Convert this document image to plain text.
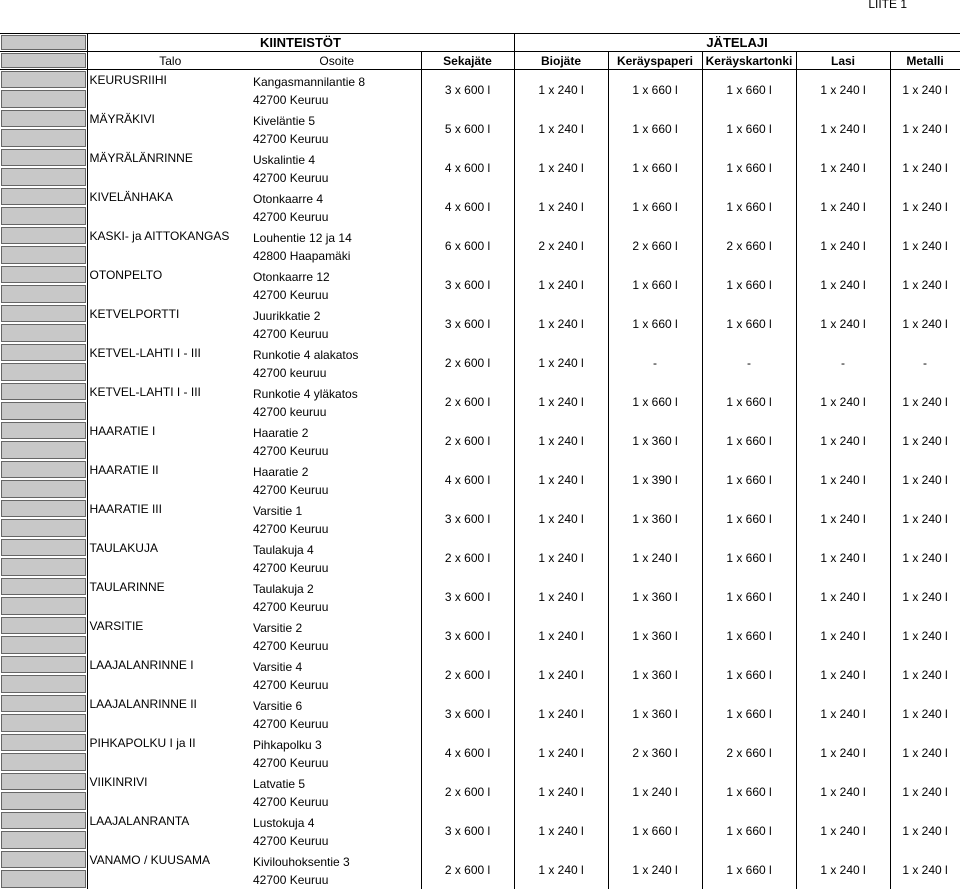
LIITE 1
	KIINTEISTÖT			JÄTELAJI				

	Talo	Osoite	Sekajäte	Biojäte	Keräyspaperi	Keräyskartonki	Lasi	Metalli

	KEURUSRIIHI	Kangasmannilantie 8
42700 Keuruu	3 x 600 l	1 x 240 l	1 x 660 l	1 x 660 l	1 x 240 l	1 x 240 l

	MÄYRÄKIVI	Kiveläntie 5
42700 Keuruu	5 x 600 l	1 x 240 l	1 x 660 l	1 x 660 l	1 x 240 l	1 x 240 l

	MÄYRÄLÄNRINNE	Uskalintie 4
42700 Keuruu	4 x 600 l	1 x 240 l	1 x 660 l	1 x 660 l	1 x 240 l	1 x 240 l

	KIVELÄNHAKA	Otonkaarre 4
42700 Keuruu	4 x 600 l	1 x 240 l	1 x 660 l	1 x 660 l	1 x 240 l	1 x 240 l

	KASKI- ja AITTOKANGAS	Louhentie 12 ja 14
42800 Haapamäki	6 x 600 l	2 x 240 l	2 x 660 l	2 x 660 l	1 x 240 l	1 x 240 l

	OTONPELTO	Otonkaarre 12
42700 Keuruu	3 x 600 l	1 x 240 l	1 x 660 l	1 x 660 l	1 x 240 l	1 x 240 l

	KETVELPORTTI	Juurikkatie 2
42700 Keuruu	3 x 600 l	1 x 240 l	1 x 660 l	1 x 660 l	1 x 240 l	1 x 240 l

	KETVEL-LAHTI I - III	Runkotie 4 alakatos
42700 keuruu	2 x 600 l	1 x 240 l	-	-	-	-

	KETVEL-LAHTI I - III	Runkotie 4 yläkatos
42700 keuruu	2 x 600 l	1 x 240 l	1 x 660 l	1 x 660 l	1 x 240 l	1 x 240 l

	HAARATIE I	Haaratie 2
42700 Keuruu	2 x 600 l	1 x 240 l	1 x 360 l	1 x 660 l	1 x 240 l	1 x 240 l

	HAARATIE II	Haaratie 2
42700 Keuruu	4 x 600 l	1 x 240 l	1 x 390 l	1 x 660 l	1 x 240 l	1 x 240 l

	HAARATIE III	Varsitie 1
42700 Keuruu	3 x 600 l	1 x 240 l	1 x 360 l	1 x 660 l	1 x 240 l	1 x 240 l

	TAULAKUJA	Taulakuja 4
42700 Keuruu	2 x 600 l	1 x 240 l	1 x 240 l	1 x 660 l	1 x 240 l	1 x 240 l

	TAULARINNE	Taulakuja 2
42700 Keuruu	3 x 600 l	1 x 240 l	1 x 360 l	1 x 660 l	1 x 240 l	1 x 240 l

	VARSITIE	Varsitie 2
42700 Keuruu	3 x 600 l	1 x 240 l	1 x 360 l	1 x 660 l	1 x 240 l	1 x 240 l

	LAAJALANRINNE I	Varsitie 4
42700 Keuruu	2 x 600 l	1 x 240 l	1 x 360 l	1 x 660 l	1 x 240 l	1 x 240 l

	LAAJALANRINNE II	Varsitie 6
42700 Keuruu	3 x 600 l	1 x 240 l	1 x 360 l	1 x 660 l	1 x 240 l	1 x 240 l

	PIHKAPOLKU I ja II	Pihkapolku 3
42700 Keuruu	4 x 600 l	1 x 240 l	2 x 360 l	2 x 660 l	1 x 240 l	1 x 240 l

	VIIKINRIVI	Latvatie 5
42700 Keuruu	2 x 600 l	1 x 240 l	1 x 240 l	1 x 660 l	1 x 240 l	1 x 240 l

	LAAJALANRANTA	Lustokuja 4
42700 Keuruu	3 x 600 l	1 x 240 l	1 x 660 l	1 x 660 l	1 x 240 l	1 x 240 l

	VANAMO / KUUSAMA	Kivilouhoksentie 3
42700 Keuruu	2 x 600 l	1 x 240 l	1 x 240 l	1 x 660 l	1 x 240 l	1 x 240 l
